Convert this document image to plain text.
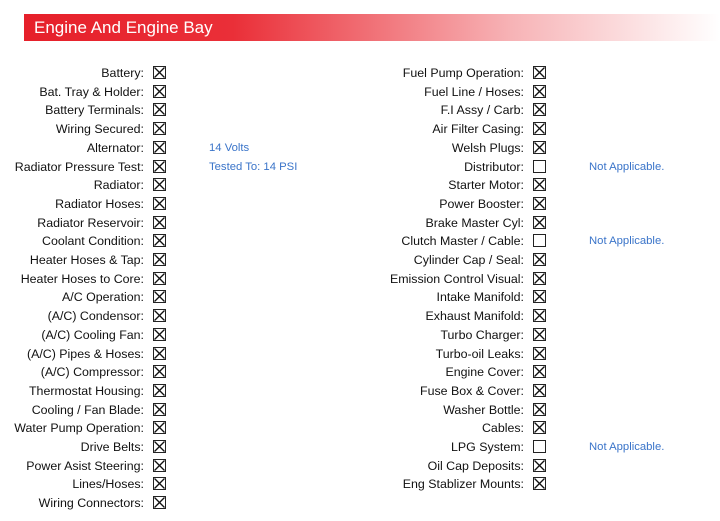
Engine And Engine Bay
Battery:
Bat. Tray & Holder:
Battery Terminals:
Wiring Secured:
Alternator:	14 Volts
Radiator Pressure Test:	Tested To: 14 PSI
Radiator:
Radiator Hoses:
Radiator Reservoir:
Coolant Condition:
Heater Hoses & Tap:
Heater Hoses to Core:
A/C Operation:
(A/C) Condensor:
(A/C) Cooling Fan:
(A/C) Pipes & Hoses:
(A/C) Compressor:
Thermostat Housing:
Cooling / Fan Blade:
Water Pump Operation:
Drive Belts:
Power Asist Steering:
Lines/Hoses:
Wiring Connectors:
Fuel Pump Operation:
Fuel Line / Hoses:
F.I Assy / Carb:
Air Filter Casing:
Welsh Plugs:
Distributor:	Not Applicable.
Starter Motor:
Power Booster:
Brake Master Cyl:
Clutch Master / Cable:	Not Applicable.
Cylinder Cap / Seal:
Emission Control Visual:
Intake Manifold:
Exhaust Manifold:
Turbo Charger:
Turbo-oil Leaks:
Engine Cover:
Fuse Box & Cover:
Washer Bottle:
Cables:
LPG System:	Not Applicable.
Oil Cap Deposits:
Eng Stablizer Mounts:
